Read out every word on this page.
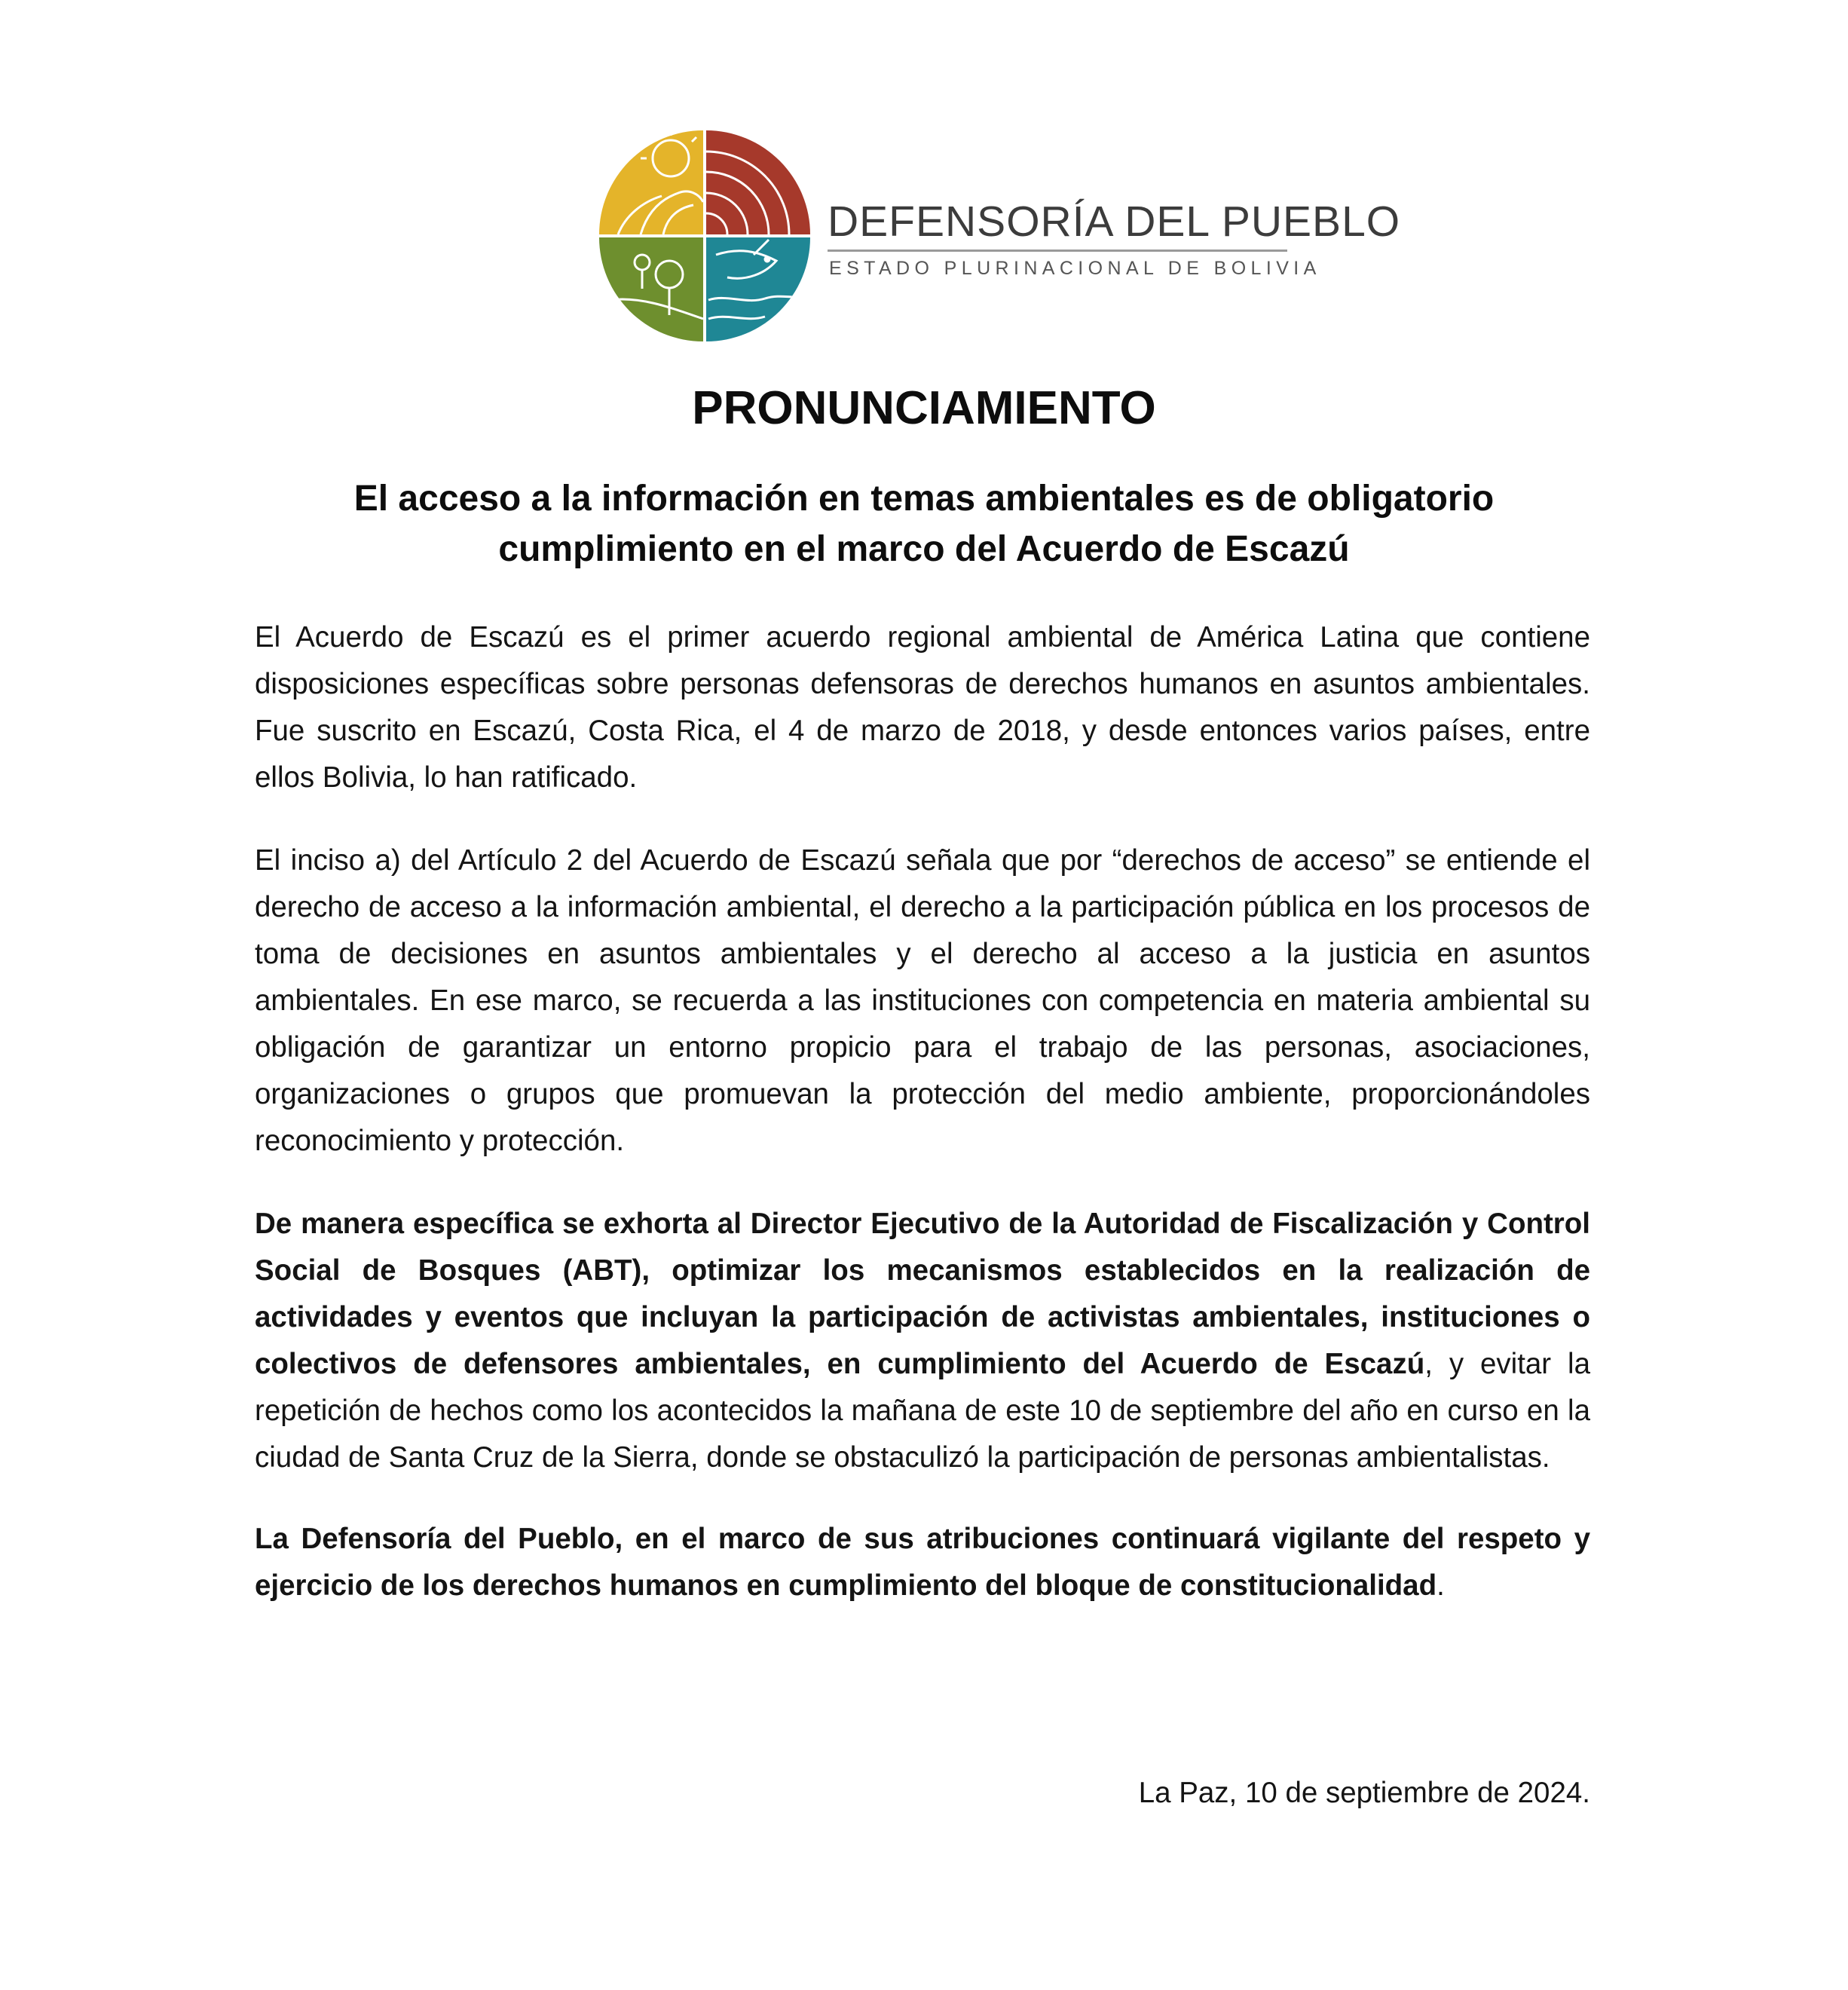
DEFENSORÍA DEL PUEBLO
ESTADO PLURINACIONAL DE BOLIVIA
PRONUNCIAMIENTO
El acceso a la información en temas ambientales es de obligatorio
cumplimiento en el marco del Acuerdo de Escazú

El Acuerdo de Escazú es el primer acuerdo regional ambiental de América Latina que contiene disposiciones específicas sobre personas defensoras de derechos humanos en asuntos ambientales. Fue suscrito en Escazú, Costa Rica, el 4 de marzo de 2018, y desde entonces varios países, entre ellos Bolivia, lo han ratificado.

El inciso a) del Artículo 2 del Acuerdo de Escazú señala que por “derechos de acceso” se entiende el derecho de acceso a la información ambiental, el derecho a la participación pública en los procesos de toma de decisiones en asuntos ambientales y el derecho al acceso a la justicia en asuntos ambientales. En ese marco, se recuerda a las instituciones con competencia en materia ambiental su obligación de garantizar un entorno propicio para el trabajo de las personas, asociaciones, organizaciones o grupos que promuevan la protección del medio ambiente, proporcionándoles reconocimiento y protección.

De manera específica se exhorta al Director Ejecutivo de la Autoridad de Fiscalización y Control Social de Bosques (ABT), optimizar los mecanismos establecidos en la realización de actividades y eventos que incluyan la participación de activistas ambientales, instituciones o colectivos de defensores ambientales, en cumplimiento del Acuerdo de Escazú, y evitar la repetición de hechos como los acontecidos la mañana de este 10 de septiembre del año en curso en la ciudad de Santa Cruz de la Sierra, donde se obstaculizó la participación de personas ambientalistas.

La Defensoría del Pueblo, en el marco de sus atribuciones continuará vigilante del respeto y ejercicio de los derechos humanos en cumplimiento del bloque de constitucionalidad.

La Paz, 10 de septiembre de 2024.
